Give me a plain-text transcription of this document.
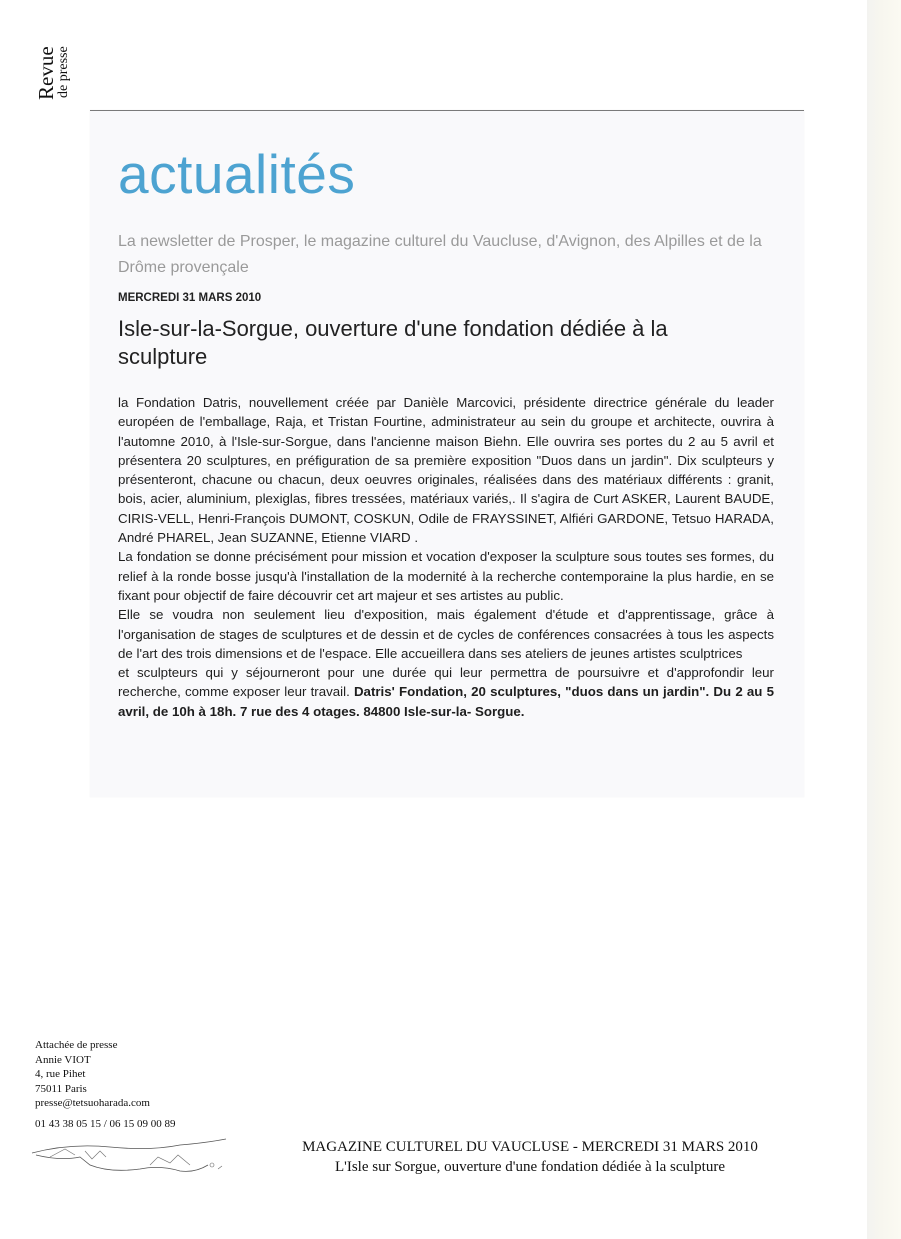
Revue
de presse
actualités
La newsletter de Prosper, le magazine culturel du Vaucluse, d'Avignon, des Alpilles et de la Drôme provençale
MERCREDI 31 MARS 2010
Isle-sur-la-Sorgue, ouverture d'une fondation dédiée à la sculpture

la Fondation Datris, nouvellement créée par Danièle Marcovici, présidente directrice générale du leader européen de l'emballage, Raja, et Tristan Fourtine, administrateur au sein du groupe et architecte, ouvrira à l'automne 2010, à l'Isle-sur-Sorgue, dans l'ancienne maison Biehn. Elle ouvrira ses portes du 2 au 5 avril et présentera 20 sculptures, en préfiguration de sa première exposition "Duos dans un jardin". Dix sculpteurs y présenteront, chacune ou chacun, deux oeuvres originales, réalisées dans des matériaux différents : granit, bois, acier, aluminium, plexiglas, fibres tressées, matériaux variés,. Il s'agira de Curt ASKER, Laurent BAUDE, CIRIS-VELL, Henri-François DUMONT, COSKUN, Odile de FRAYSSINET, Alfiéri GARDONE, Tetsuo HARADA, André PHAREL, Jean SUZANNE, Etienne VIARD .

La fondation se donne précisément pour mission et vocation d'exposer la sculpture sous toutes ses formes, du relief à la ronde bosse jusqu'à l'installation de la modernité à la recherche contemporaine la plus hardie, en se fixant pour objectif de faire découvrir cet art majeur et ses artistes au public.

Elle se voudra non seulement lieu d'exposition, mais également d'étude et d'apprentissage, grâce à l'organisation de stages de sculptures et de dessin et de cycles de conférences consacrées à tous les aspects de l'art des trois dimensions et de l'espace. Elle accueillera dans ses ateliers de jeunes artistes sculptrices

et sculpteurs qui y séjourneront pour une durée qui leur permettra de poursuivre et d'approfondir leur recherche, comme exposer leur travail. Datris' Fondation, 20 sculptures, "duos dans un jardin". Du 2 au 5 avril, de 10h à 18h. 7 rue des 4 otages. 84800 Isle-sur-la- Sorgue.

Attachée de presse
Annie VIOT
4, rue Pihet
75011 Paris
presse@tetsuoharada.com
01 43 38 05 15 / 06 15 09 00 89
MAGAZINE CULTUREL DU VAUCLUSE - MERCREDI 31 MARS 2010
L'Isle sur Sorgue, ouverture d'une fondation dédiée à la sculpture
